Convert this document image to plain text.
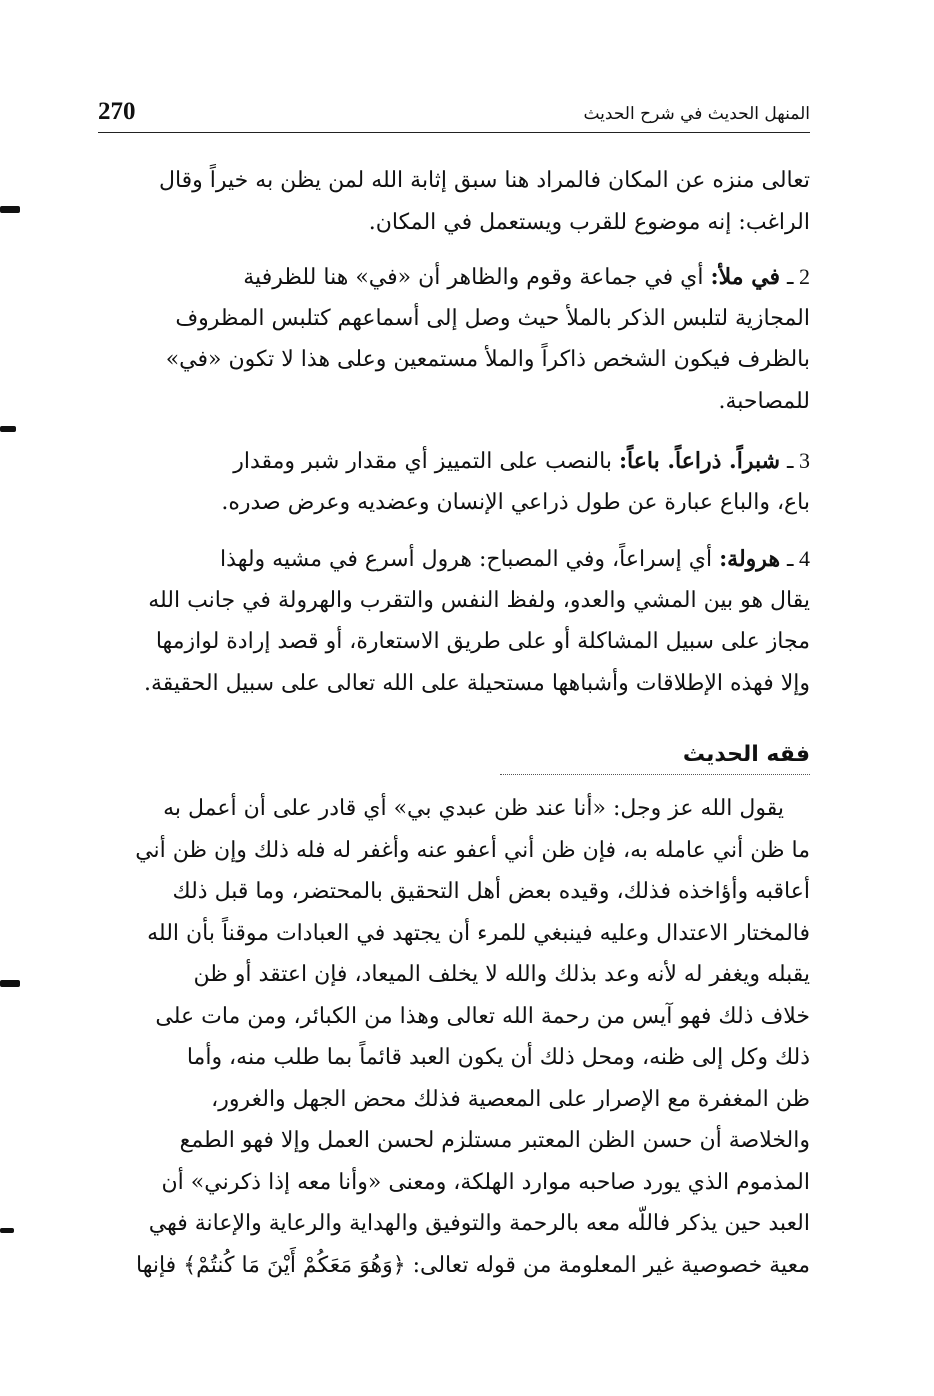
270	المنهل الحديث في شرح الحديث
تعالى منزه عن المكان فالمراد هنا سبق إثابة الله لمن يظن به خيراً وقال
الراغب: إنه موضوع للقرب ويستعمل في المكان.
2 ـ في ملأ: أي في جماعة وقوم والظاهر أن «في» هنا للظرفية
المجازية لتلبس الذكر بالملأ حيث وصل إلى أسماعهم كتلبس المظروف
بالظرف فيكون الشخص ذاكراً والملأ مستمعين وعلى هذا لا تكون «في»
للمصاحبة.
3 ـ شبراً. ذراعاً. باعاً: بالنصب على التمييز أي مقدار شبر ومقدار
باع، والباع عبارة عن طول ذراعي الإنسان وعضديه وعرض صدره.
4 ـ هرولة: أي إسراعاً، وفي المصباح: هرول أسرع في مشيه ولهذا
يقال هو بين المشي والعدو، ولفظ النفس والتقرب والهرولة في جانب الله
مجاز على سبيل المشاكلة أو على طريق الاستعارة، أو قصد إرادة لوازمها
وإلا فهذه الإطلاقات وأشباهها مستحيلة على الله تعالى على سبيل الحقيقة.
فقه الحديث
يقول الله عز وجل: «أنا عند ظن عبدي بي» أي قادر على أن أعمل به
ما ظن أني عامله به، فإن ظن أني أعفو عنه وأغفر له فله ذلك وإن ظن أني
أعاقبه وأؤاخذه فذلك، وقيده بعض أهل التحقيق بالمحتضر، وما قبل ذلك
فالمختار الاعتدال وعليه فينبغي للمرء أن يجتهد في العبادات موقناً بأن الله
يقبله ويغفر له لأنه وعد بذلك والله لا يخلف الميعاد، فإن اعتقد أو ظن
خلاف ذلك فهو آيس من رحمة الله تعالى وهذا من الكبائر، ومن مات على
ذلك وكل إلى ظنه، ومحل ذلك أن يكون العبد قائماً بما طلب منه، وأما
ظن المغفرة مع الإصرار على المعصية فذلك محض الجهل والغرور،
والخلاصة أن حسن الظن المعتبر مستلزم لحسن العمل وإلا فهو الطمع
المذموم الذي يورد صاحبه موارد الهلكة، ومعنى «وأنا معه إذا ذكرني» أن
العبد حين يذكر فاللّه معه بالرحمة والتوفيق والهداية والرعاية والإعانة فهي
معية خصوصية غير المعلومة من قوله تعالى: ﴿وَهُوَ مَعَكُمْ أَيْنَ مَا كُنتُمْ﴾ فإنها
